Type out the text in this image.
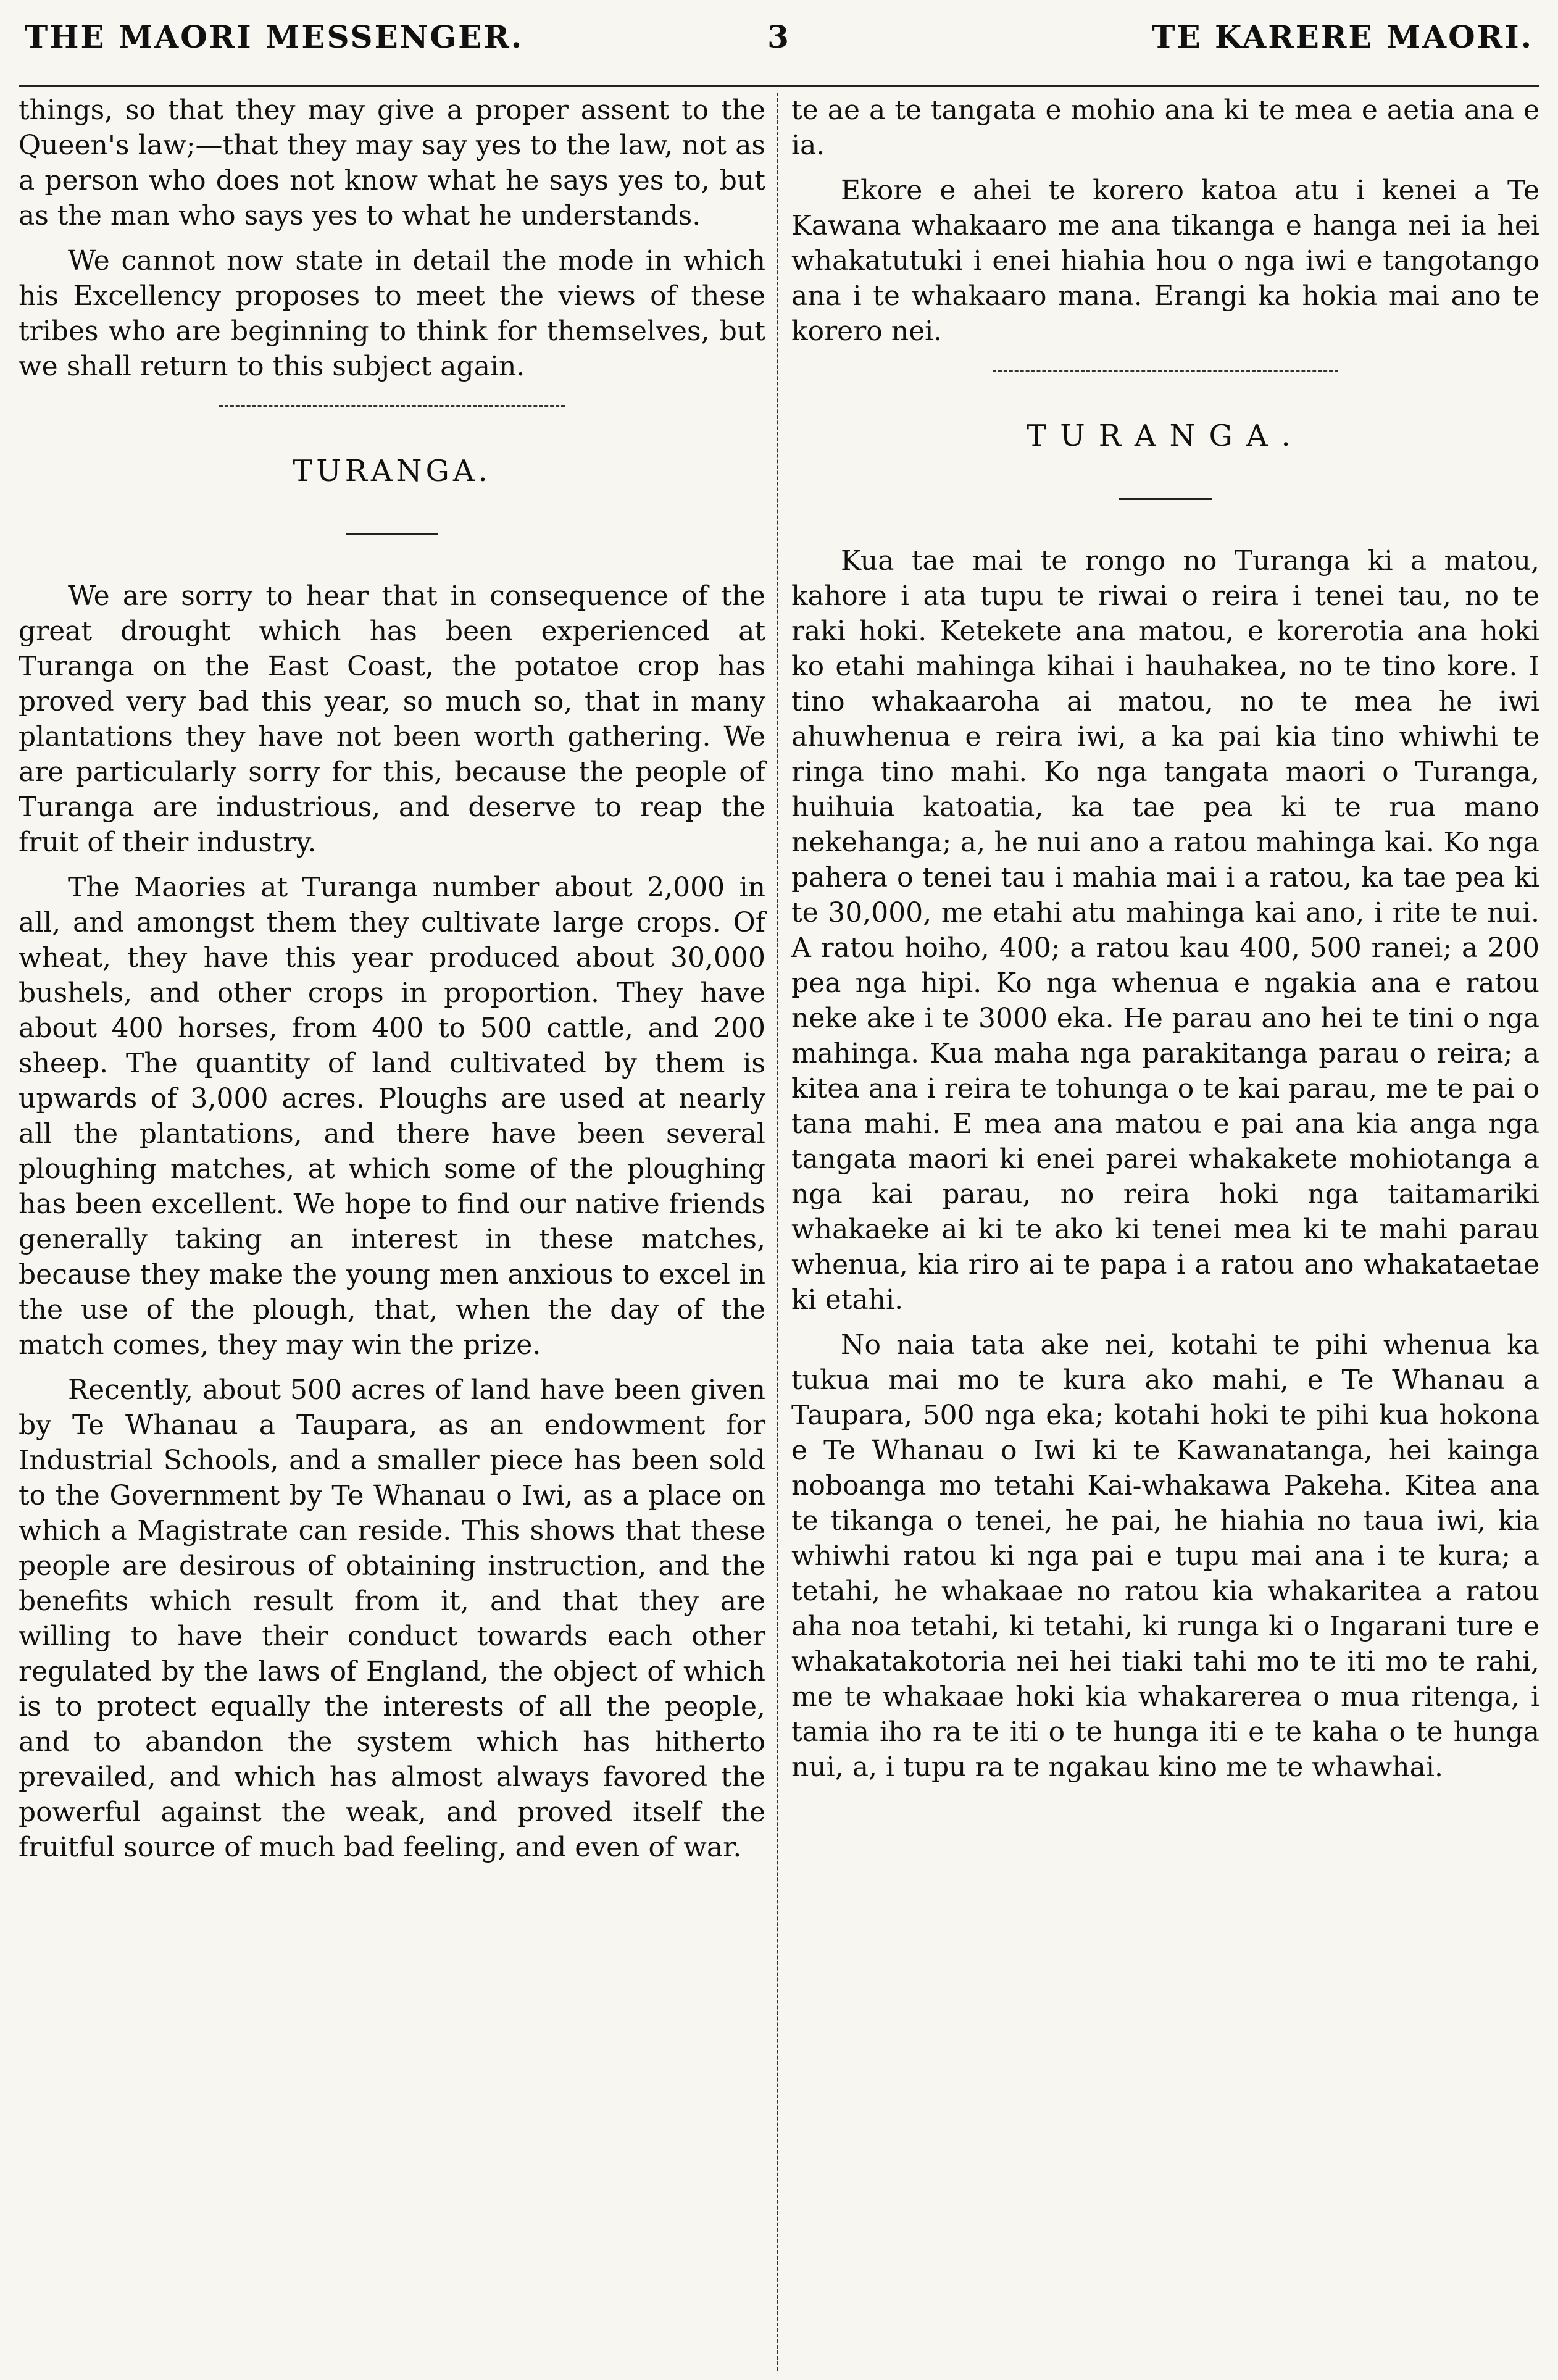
THE MAORI MESSENGER.	3	TE KARERE MAORI.

things, so that they may give a proper assent to the Queen's law;—that they may say yes to the law, not as a person who does not know what he says yes to, but as the man who says yes to what he understands.

We cannot now state in detail the mode in which his Excellency proposes to meet the views of these tribes who are beginning to think for themselves, but we shall return to this subject again.

TURANGA.

We are sorry to hear that in consequence of the great drought which has been experienced at Turanga on the East Coast, the potatoe crop has proved very bad this year, so much so, that in many plantations they have not been worth gathering. We are particularly sorry for this, because the people of Turanga are industrious, and deserve to reap the fruit of their industry.

The Maories at Turanga number about 2,000 in all, and amongst them they cultivate large crops. Of wheat, they have this year produced about 30,000 bushels, and other crops in proportion. They have about 400 horses, from 400 to 500 cattle, and 200 sheep. The quantity of land cultivated by them is upwards of 3,000 acres. Ploughs are used at nearly all the plantations, and there have been several ploughing matches, at which some of the ploughing has been excellent. We hope to find our native friends generally taking an interest in these matches, because they make the young men anxious to excel in the use of the plough, that, when the day of the match comes, they may win the prize.

Recently, about 500 acres of land have been given by Te Whanau a Taupara, as an endowment for Industrial Schools, and a smaller piece has been sold to the Government by Te Whanau o Iwi, as a place on which a Magistrate can reside. This shows that these people are desirous of obtaining instruction, and the benefits which result from it, and that they are willing to have their conduct towards each other regulated by the laws of England, the object of which is to protect equally the interests of all the people, and to abandon the system which has hitherto prevailed, and which has almost always favored the powerful against the weak, and proved itself the fruitful source of much bad feeling, and even of war.

te ae a te tangata e mohio ana ki te mea e aetia ana e ia.

Ekore e ahei te korero katoa atu i kenei a Te Kawana whakaaro me ana tikanga e hanga nei ia hei whakatutuki i enei hiahia hou o nga iwi e tangotango ana i te whakaaro mana. Erangi ka hokia mai ano te korero nei.

TURANGA.

Kua tae mai te rongo no Turanga ki a matou, kahore i ata tupu te riwai o reira i tenei tau, no te raki hoki. Ketekete ana matou, e korerotia ana hoki ko etahi mahinga kihai i hauhakea, no te tino kore. I tino whakaaroha ai matou, no te mea he iwi ahuwhenua e reira iwi, a ka pai kia tino whiwhi te ringa tino mahi. Ko nga tangata maori o Turanga, huihuia katoatia, ka tae pea ki te rua mano nekehanga; a, he nui ano a ratou mahinga kai. Ko nga pahera o tenei tau i mahia mai i a ratou, ka tae pea ki te 30,000, me etahi atu mahinga kai ano, i rite te nui. A ratou hoiho, 400; a ratou kau 400, 500 ranei; a 200 pea nga hipi. Ko nga whenua e ngakia ana e ratou neke ake i te 3000 eka. He parau ano hei te tini o nga mahinga. Kua maha nga parakitanga parau o reira; a kitea ana i reira te tohunga o te kai parau, me te pai o tana mahi. E mea ana matou e pai ana kia anga nga tangata maori ki enei parei whakakete mohiotanga a nga kai parau, no reira hoki nga taitamariki whakaeke ai ki te ako ki tenei mea ki te mahi parau whenua, kia riro ai te papa i a ratou ano whakataetae ki etahi.

No naia tata ake nei, kotahi te pihi whenua ka tukua mai mo te kura ako mahi, e Te Whanau a Taupara, 500 nga eka; kotahi hoki te pihi kua hokona e Te Whanau o Iwi ki te Kawanatanga, hei kainga noboanga mo tetahi Kai-whakawa Pakeha. Kitea ana te tikanga o tenei, he pai, he hiahia no taua iwi, kia whiwhi ratou ki nga pai e tupu mai ana i te kura; a tetahi, he whakaae no ratou kia whakaritea a ratou aha noa tetahi, ki tetahi, ki runga ki o Ingarani ture e whakatakotoria nei hei tiaki tahi mo te iti mo te rahi, me te whakaae hoki kia whakarerea o mua ritenga, i tamia iho ra te iti o te hunga iti e te kaha o te hunga nui, a, i tupu ra te ngakau kino me te whawhai.
